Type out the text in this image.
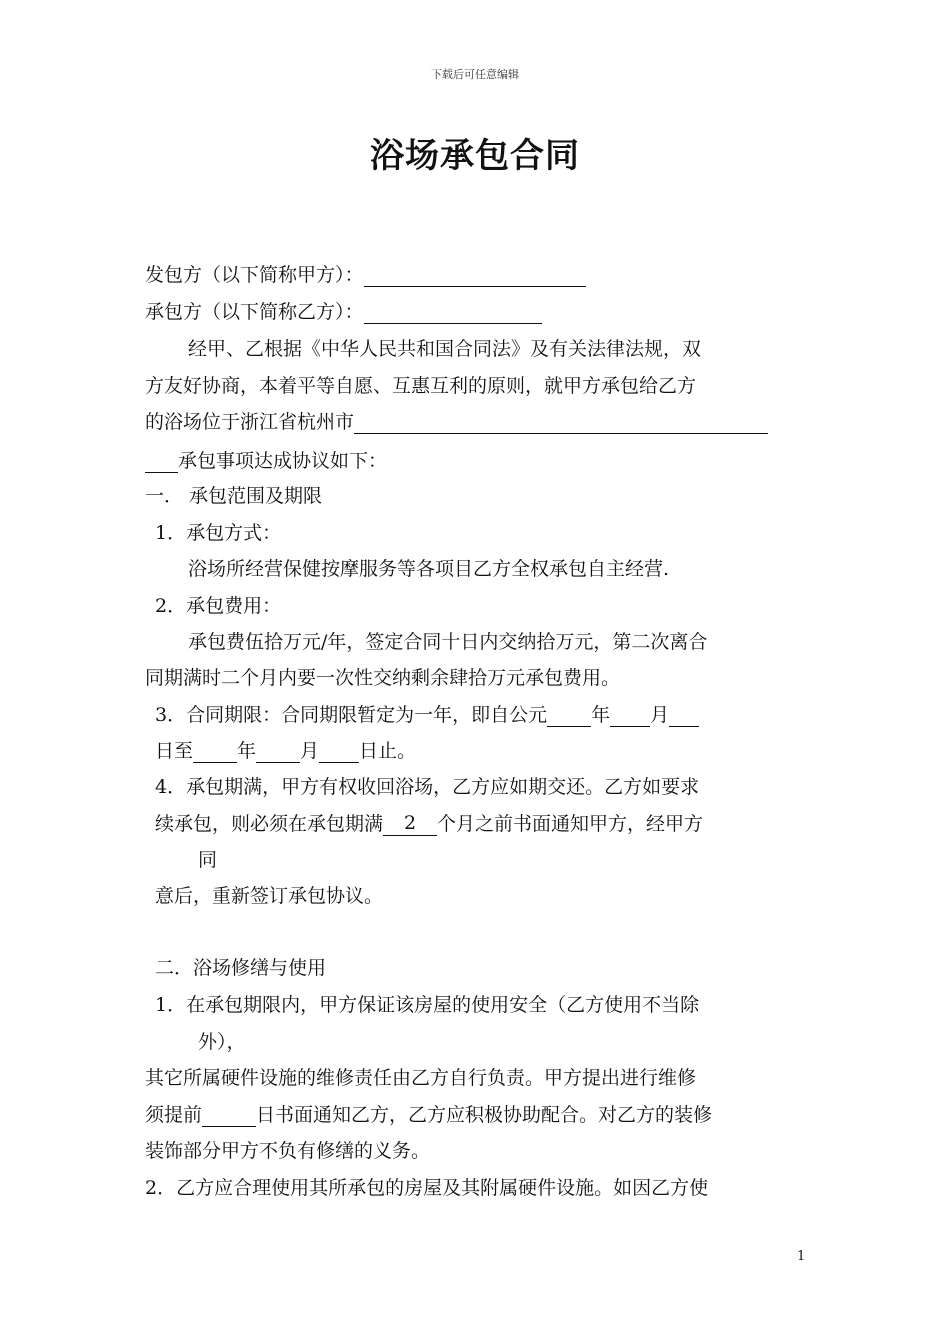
下载后可任意编辑
浴场承包合同
发包方（以下简称甲方）：
承包方（以下简称乙方）：
经甲、乙根据《中华人民共和国合同法》及有关法律法规，双
方友好协商，本着平等自愿、互惠互利的原则，就甲方承包给乙方
的浴场位于浙江省杭州市
承包事项达成协议如下：
一． 承包范围及期限
1．承包方式：
浴场所经营保健按摩服务等各项目乙方全权承包自主经营.
2．承包费用：
承包费伍拾万元/年，签定合同十日内交纳拾万元，第二次离合
同期满时二个月内要一次性交纳剩余肆拾万元承包费用。
3．合同期限：合同期限暂定为一年，即自公元 年 月
日至 年 月 日止。
4．承包期满，甲方有权收回浴场，乙方应如期交还。乙方如要求
续承包，则必须在承包期满 2 个月之前书面通知甲方，经甲方
同
意后，重新签订承包协议。
二．浴场修缮与使用
1．在承包期限内，甲方保证该房屋的使用安全（乙方使用不当除
外），
其它所属硬件设施的维修责任由乙方自行负责。甲方提出进行维修
须提前	日书面通知乙方，乙方应积极协助配合。对乙方的装修
装饰部分甲方不负有修缮的义务。
2．乙方应合理使用其所承包的房屋及其附属硬件设施。如因乙方使
1
